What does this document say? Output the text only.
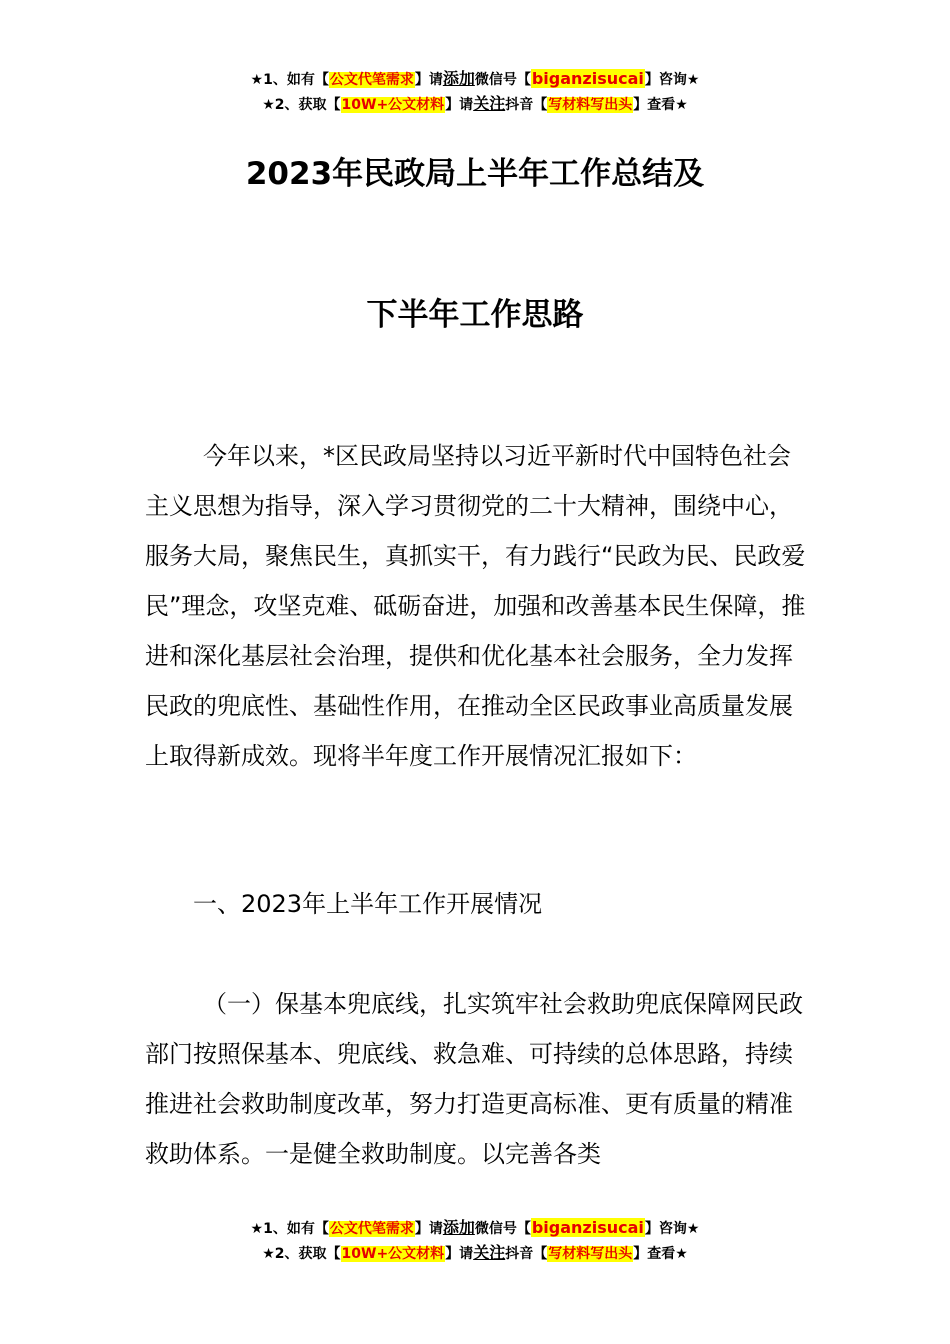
★1、如有【公文代笔需求】请添加微信号【biganzisucai】咨询★
★2、获取【10W+公文材料】请关注抖音【写材料写出头】查看★
2023年民政局上半年工作总结及
下半年工作思路
今年以来，*区民政局坚持以习近平新时代中国特色社会主义思想为指导，深入学习贯彻党的二十大精神，围绕中心，服务大局，聚焦民生，真抓实干，有力践行“民政为民、民政爱民”理念，攻坚克难、砥砺奋进，加强和改善基本民生保障，推进和深化基层社会治理，提供和优化基本社会服务，全力发挥民政的兜底性、基础性作用，在推动全区民政事业高质量发展上取得新成效。现将半年度工作开展情况汇报如下：
一、2023年上半年工作开展情况
（一）保基本兜底线，扎实筑牢社会救助兜底保障网民政部门按照保基本、兜底线、救急难、可持续的总体思路，持续推进社会救助制度改革，努力打造更高标准、更有质量的精准救助体系。一是健全救助制度。以完善各类
★1、如有【公文代笔需求】请添加微信号【biganzisucai】咨询★
★2、获取【10W+公文材料】请关注抖音【写材料写出头】查看★
